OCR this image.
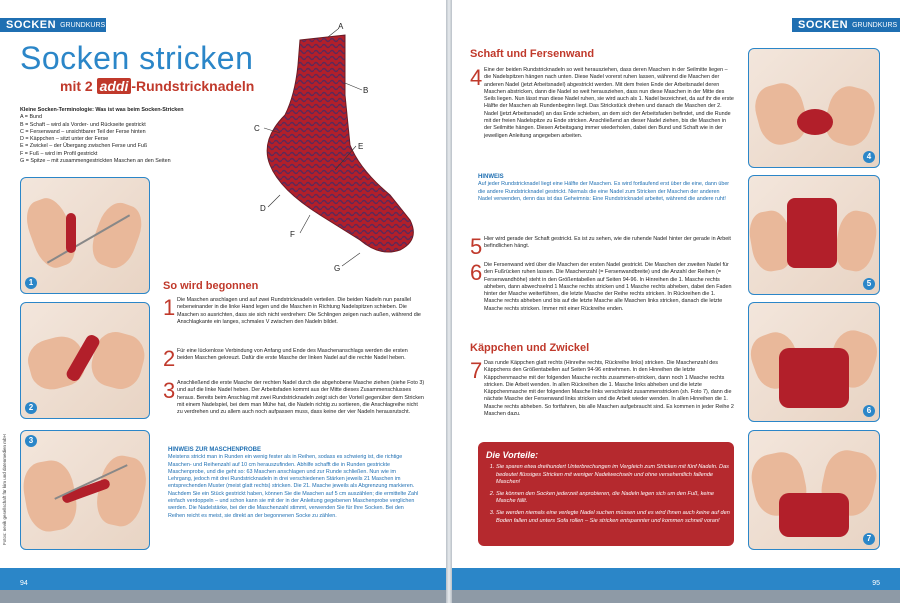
SOCKEN GRUNDKURS
Socken stricken
mit 2 addi -Rundstricknadeln
Kleine Socken-Terminologie: Was ist was beim Socken-Stricken
A = Bund
B = Schaft – wird als Vorder- und Rückseite gestrickt
C = Fersenwand – unsichtbarer Teil der Ferse hinten
D = Käppchen – sitzt unter der Ferse
E = Zwickel – der Übergang zwischen Ferse und Fuß
F = Fuß – wird im Profil gestrickt
G = Spitze – mit zusammengestrickten Maschen an den Seiten
A
B
C
E
D
F
G
1
2
3
So wird begonnen
1 Die Maschen anschlagen und auf zwei Rundstricknadeln verteilen. Die beiden Nadeln nun parallel nebeneinander in die linke Hand legen und die Maschen in Richtung Nadelspitzen schieben. Die Maschen so ausrichten, dass sie sich nicht verdrehen: Die Schlingen zeigen nach außen, während die Anschlagkante ein langes, schmales V zwischen den Nadeln bildet.
2 Für eine lückenlose Verbindung von Anfang und Ende des Maschenanschlags werden die ersten beiden Maschen gekreuzt. Dafür die erste Masche der linken Nadel auf die rechte Nadel heben.
3 Anschließend die erste Masche der rechten Nadel durch die abgehobene Masche ziehen (siehe Foto 3) und auf die linke Nadel heben. Der Arbeitsfaden kommt aus der Mitte dieses Zusammenschlusses heraus. Bereits beim Anschlag mit zwei Rundstricknadeln zeigt sich der Vorteil gegenüber dem Stricken mit einem Nadelspiel, bei dem man Mühe hat, die Nadeln richtig zu sortieren, die Anschlagreihe nicht zu verdrehen und zu allem auch noch aufpassen muss, dass keine der vier Nadeln herausrutscht.
HINWEIS ZUR MASCHENPROBE
Meistens strickt man in Runden ein wenig fester als in Reihen, sodass es schwierig ist, die richtige Maschen- und Reihenzahl auf 10 cm herauszufinden. Abhilfe schafft die in Runden gestrickte Maschenprobe, und die geht so: 63 Maschen anschlagen und zur Runde schließen. Nun wie im Lehrgang, jedoch mit drei Rundstricknadeln in drei verschiedenen Stärken jeweils 21 Maschen im entsprechenden Muster (meist glatt rechts) stricken. Die 21. Masche jeweils als Abgrenzung markieren. Nachdem Sie ein Stück gestrickt haben, können Sie die Maschen auf 5 cm auszählen; die ermittelte Zahl einfach verdoppeln – und schon kann sie mit der in der Anleitung gegebenen Maschenprobe verglichen werden. Die Nadelstärke, bei der die Maschenzahl stimmt, verwenden Sie für Ihre Socken. Bei den Reihen reicht es meist, sie direkt an der begonnenen Socke zu zählen.
Fotos: nevik gesellschaft für kim und datenmedien mbH
94
SOCKEN GRUNDKURS
Schaft und Fersenwand
4 Eine der beiden Rundstricknadeln so weit herausziehen, dass deren Maschen in der Seilmitte liegen – die Nadelspitzen hängen nach unten. Diese Nadel vorerst ruhen lassen, während die Maschen der anderen Nadel (jetzt Arbeitsnadel) abgestrickt werden. Mit dem freien Ende der Arbeitsnadel deren Maschen abstricken, dann die Nadel so weit herausziehen, dass nun diese Maschen in der Mitte des Seils liegen. Nun lässt man diese Nadel ruhen, sie wird auch als 1. Nadel bezeichnet, da auf ihr die erste Hälfte der Maschen ab Rundenbeginn liegt. Das Strickstück drehen und danach die Maschen der 2. Nadel (jetzt Arbeitsnadel) an das Ende schieben, an dem sich der Arbeitsfaden befindet, und die Runde mit der freien Nadelspitze zu Ende stricken. Anschließend an dieser Nadel ziehen, bis die Maschen in der Seilmitte hängen. Diesen Arbeitsgang immer wiederholen, dabei den Bund und Schaft wie in der jeweiligen Anleitung angegeben arbeiten.
HINWEIS
Auf jeder Rundstricknadel liegt eine Hälfte der Maschen. Es wird fortlaufend erst über die eine, dann über die andere Rundstricknadel gestrickt. Niemals die eine Nadel zum Stricken der Maschen der anderen Nadel verwenden, denn das ist das Geheimnis: Eine Rundstricknadel arbeitet, während die andere ruht!
5 Hier wird gerade der Schaft gestrickt. Es ist zu sehen, wie die ruhende Nadel hinter der gerade in Arbeit befindlichen hängt.
6 Die Fersenwand wird über die Maschen der ersten Nadel gestrickt. Die Maschen der zweiten Nadel für den Fußrücken ruhen lassen. Die Maschenzahl (= Fersenwandbreite) und die Anzahl der Reihen (= Fersenwandhöhe) steht in den Größentabellen auf Seiten 94-96. In Hinreihen die 1. Masche rechts abheben, dann abwechselnd 1 Masche rechts stricken und 1 Masche rechts abheben, dabei den Faden hinter der Masche weiterführen, die letzte Masche der Reihe rechts stricken. In Rückreihen die 1. Masche rechts abheben und bis auf die letzte Masche alle Maschen links stricken, danach die letzte Masche rechts stricken. Immer mit einer Rückreihe enden.
Käppchen und Zwickel
7 Das runde Käppchen glatt rechts (Hinreihe rechts, Rückreihe links) stricken. Die Maschenzahl des Käppchens den Größentabellen auf Seiten 94-96 entnehmen. In den Hinreihen die letzte Käppchenmasche mit der folgenden Masche rechts zusammen-stricken, dann noch 1 Masche rechts stricken. Die Arbeit wenden. In allen Rückreihen die 1. Masche links abheben und die letzte Käppchenmasche mit der folgenden Masche links verschränkt zusammenstricken (sh. Foto 7), dann die nächste Masche der Fersenwand links stricken und die Arbeit wieder wenden. In allen Hinreihen die 1. Masche rechts abheben. So fortfahren, bis alle Maschen aufgebraucht sind. Es kommen in jeder Reihe 2 Maschen dazu.
4
5
6
7
95
Die Vorteile:
1. Sie sparen etwa dreihundert Unterbrechungen im Vergleich zum Stricken mit fünf Nadeln. Das bedeutet flüssiges Stricken mit weniger Nadelwechseln und ohne versehentlich fallende Maschen!
2. Sie können den Socken jederzeit anprobieren, die Nadeln legen sich um den Fuß, keine Masche fällt.
3. Sie werden niemals eine verlegte Nadel suchen müssen und es wird Ihnen auch keine auf den Boden fallen und unters Sofa rollen – Sie stricken entspannter und kommen schnell voran!
